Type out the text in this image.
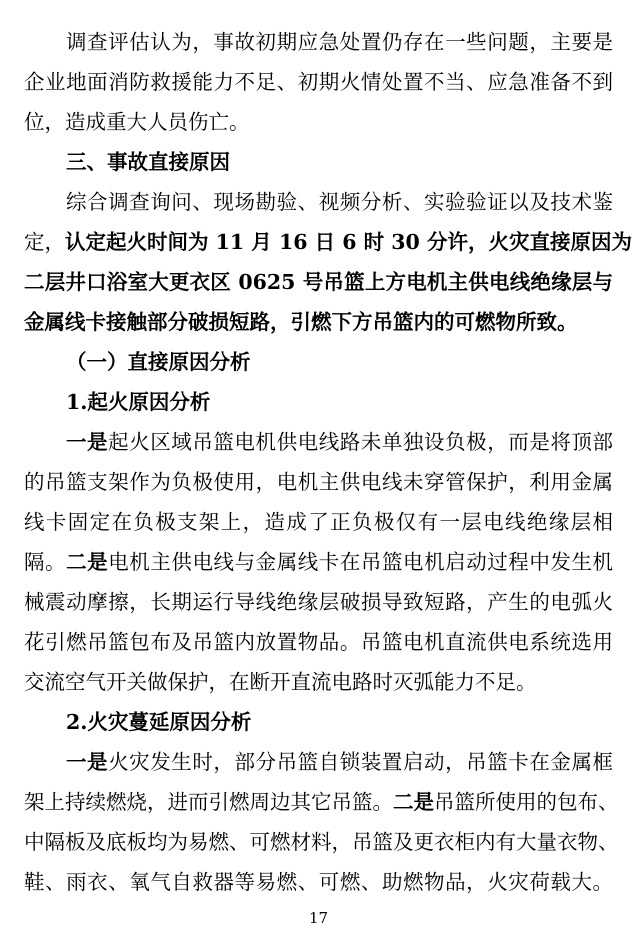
调查评估认为，事故初期应急处置仍存在一些问题，主要是
企业地面消防救援能力不足、初期火情处置不当、应急准备不到
位，造成重大人员伤亡。
三、事故直接原因
综合调查询问、现场勘验、视频分析、实验验证以及技术鉴
定，认定起火时间为 11 月 16 日 6 时 30 分许，火灾直接原因为
二层井口浴室大更衣区 0625 号吊篮上方电机主供电线绝缘层与
金属线卡接触部分破损短路，引燃下方吊篮内的可燃物所致。
（一）直接原因分析
1.起火原因分析
一是起火区域吊篮电机供电线路未单独设负极，而是将顶部
的吊篮支架作为负极使用，电机主供电线未穿管保护，利用金属
线卡固定在负极支架上，造成了正负极仅有一层电线绝缘层相
隔。二是电机主供电线与金属线卡在吊篮电机启动过程中发生机
械震动摩擦，长期运行导线绝缘层破损导致短路，产生的电弧火
花引燃吊篮包布及吊篮内放置物品。吊篮电机直流供电系统选用
交流空气开关做保护，在断开直流电路时灭弧能力不足。
2.火灾蔓延原因分析
一是火灾发生时，部分吊篮自锁装置启动，吊篮卡在金属框
架上持续燃烧，进而引燃周边其它吊篮。二是吊篮所使用的包布、
中隔板及底板均为易燃、可燃材料，吊篮及更衣柜内有大量衣物、
鞋、雨衣、氧气自救器等易燃、可燃、助燃物品，火灾荷载大。
17
